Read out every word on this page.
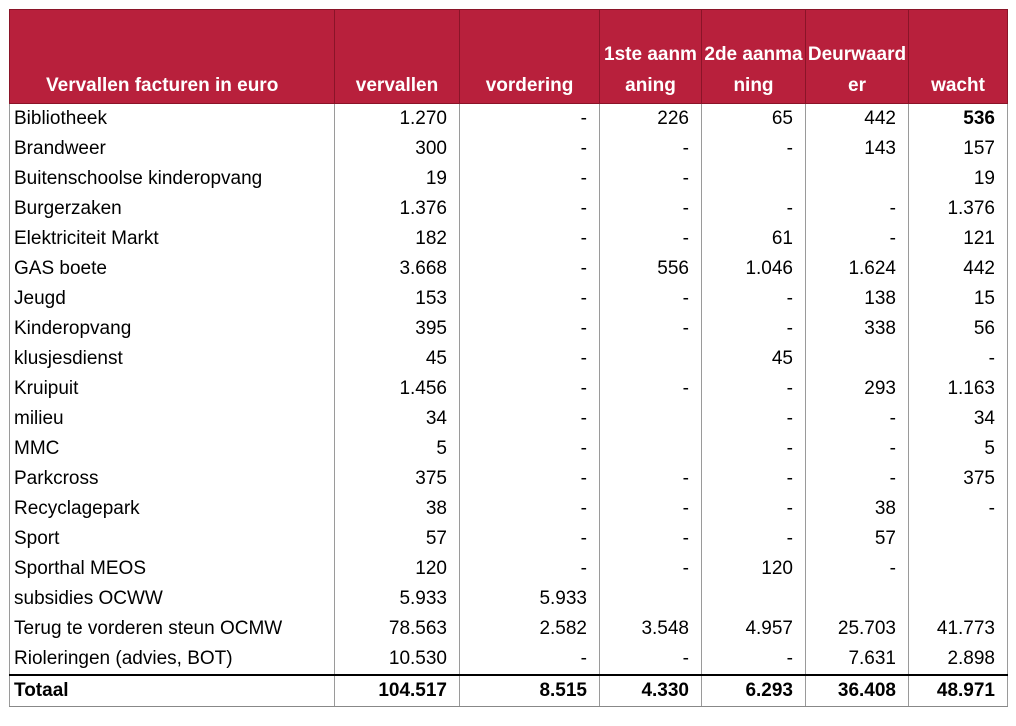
Vervallen facturen in euro	vervallen	vordering	1ste aanmaning	2de aanmaning	Deurwaarder	wacht
Bibliotheek	1.270	-	226	65	442	536
Brandweer	300	-	-	-	143	157
Buitenschoolse kinderopvang	19	-	-			19
Burgerzaken	1.376	-	-	-	-	1.376
Elektriciteit Markt	182	-	-	61	-	121
GAS boete	3.668	-	556	1.046	1.624	442
Jeugd	153	-	-	-	138	15
Kinderopvang	395	-	-	-	338	56
klusjesdienst	45	-		45		-
Kruipuit	1.456	-	-	-	293	1.163
milieu	34	-		-	-	34
MMC	5	-		-	-	5
Parkcross	375	-	-	-	-	375
Recyclagepark	38	-	-	-	38	-
Sport	57	-	-	-	57	
Sporthal MEOS	120	-	-	120	-	
subsidies OCWW	5.933	5.933				
Terug te vorderen steun OCMW	78.563	2.582	3.548	4.957	25.703	41.773
Rioleringen (advies, BOT)	10.530	-	-	-	7.631	2.898
Totaal	104.517	8.515	4.330	6.293	36.408	48.971
